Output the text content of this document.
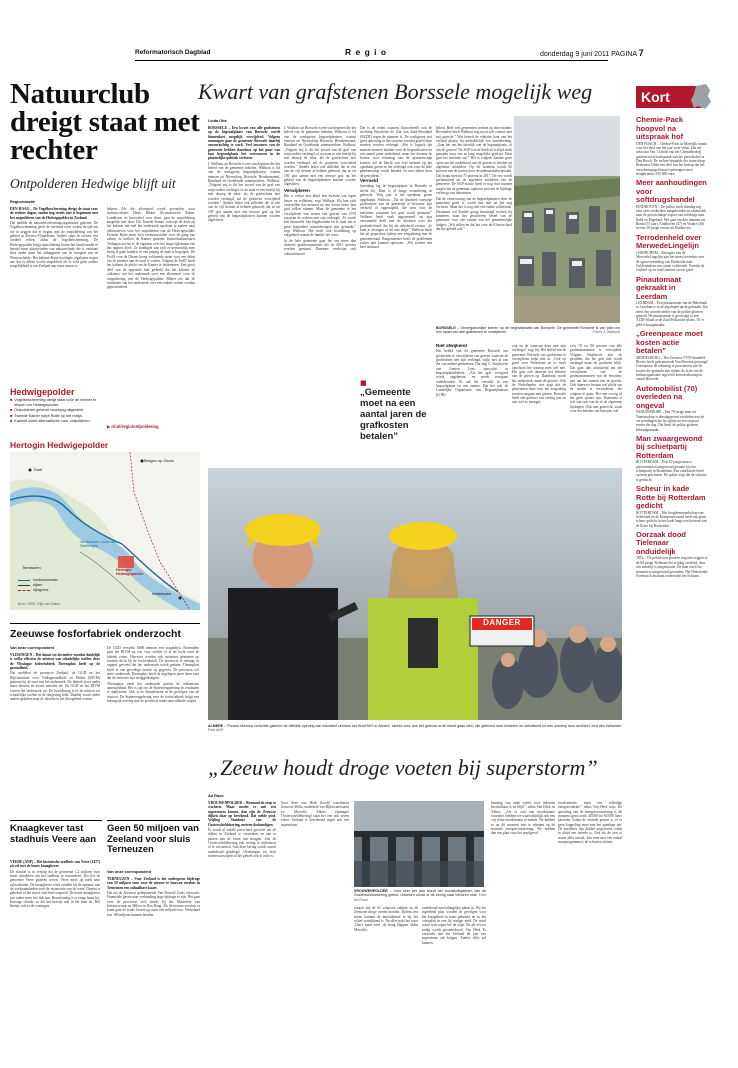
Reformatorisch Dagblad	R e g i o	donderdag 9 juni 2011 PAGINA 7
Natuurclub dreigt staat met rechter
Ontpolderen Hedwige blijft uit
Regioredactie

DEN HAAG – De Vogelbescherming dreigt de staat voor de rechter dagen, omdat nog steeds niet is begonnen met het ontpolderen van de Hedwigepolder in Zeeland.

Dat meldde de natuurbeschermingsorganisatie gisteren. De Vogelbescherming geeft de overheid twee weken de tijd om toe te zeggen dat er begint met de ontpoldering van het gebied in Zeeuws-Vlaanderen. Anders stapt de rechter een oordeel vellen, aldus de Vogelbescherming. De Hedwigepolder krijgt ontpoldering boven het hoofd omdat er herstel moet plaatsvinden van natuurschade die is ontstaan door onder meer het uitbaggeren van de vaargeul van de Westerschelde. Het kabinet-Rutte kondigde afgelopen najaar aan dat er alleen wordt ontpolderd als er echt geen andere mogelijkheid is om Zeeland aan extra natuur te

helpen. Als dat alternatief wordt gevonden, voor staatssecretaris Henk Bleker (Economische Zaken, Landbouw en Innovatie) voor dorst, gaat de ontpoldering mogelijk niet door. Dit Tweede Kamer verloopt de druk op het kabinet om snel het onderzoek opschaar te maken naar alternatieven voor het ontpolderen van de Hedwigepolder. Premier Rutte moet zich vermenwonden voor de gang van zaken, zo besloot de Kamer gisteren. Kamerkommissaris Verhagen zei dat er de eigenaar over het lange tijdstraam van het rapport doelt. Ze kondigde aan zich er persoonlijk mee bezig te gaan houden, in een poging de zaak te begrijpen. De PvdA voor de Dieren kreeg voldoende steun voor een debat om de premier aan de tand te voelen. Volgens de PvdD heeft het kabinet de plicht om de Kamer te informeren. Een groot deel van de oppositie had gedeeld dat het kabinet de uitkomst van het onderzoek over een alternatief voor de ontpoldering van de Hedwigepolder. Bleker zei dat de resultaten van het onderzoek over een enkele weken worden gepresenteerd.

▶ rd.nl/regio/ontpoldering
Hedwigepolder
■ Vogelbescherming dreigt staat voor de rechter te slepen om Hedwigepolder.
■ Ontpolderen gebeurt voorlopig uitgesteld.
■ Tweede Kamer roept Rutte op het matja.
■ Kabinet zoekt alternatieven voor ontpolderen.
Hertogin Hedwigepolder
Doel
Bergen op Zoom
Verdronken Land van Saeftinghe
Hertogin Hedwigepolder
Terneuzen
Antwerpen
hoofdvaarwater
dijken
rijksgrens
Bron: GBS, Rijk van Dalen
Zeeuwse fosforfabriek onderzocht
Van onze correspondent

VLISSINGEN – Het dunnt tot december voordat duidelijk is welke effecten de uitstoot van schadelijke stoffen door de Vlissingse fosforfabriek Thermphos heeft op de gezondheid.

Dat meldden de provincie Zeeland, de GGD en het Rijksinstituut voor Volksgezondheid en Milieu (RIVM) gisteren bij de start van het onderzoek. De fabriek stoot onder meer dioxine en zware metalen uit. De GGD en het RIVM voeren het onderzoek uit. De hoofdvraag is of de uitstoot tot schadelijke stoffen in de omgeving leidt. Daarbij wordt onder andere gekeken naar de dioxine in het Sloegebied wonen.

De GGD verstrekt 6000 mensen een vragenlijst. Bovendien gaat het RIVM na wat voor stoffen er in de lucht rond de fabriek zitten. Hiervoor worden ook monsters genomen op locaties dicht bij de fosforfabriek. De provincie is onlangs in rapport gevoerd dat het onderzoek wordt gedaan. Thermphos heeft er een gevoelige reactie op gegeven. De provincie wil meer onderzoek Thermphos heeft de afgelopen jaren laten zien dat de emissies zijn teruggedrongen.

Thermphos vindt het onderzoek gezien de uitkomsten aanvaardbaar. Het is tijd om de Statenvergadering de resultaten te analyseren. Ook is de Statenfractie in de gevolgen van de uitstoot. De Statenvergadering over de fosforfabriek krijgt een belangrijk overleg met de provincie nader aanvullende vragen.

Knaagkever tast stadhuis Veere aan

VEERE (ANP) – Het historische stadhuis van Veere (1477) zit vol met de bonte knaagkever.

De situatie is zo ernstig dat de gemeente 1,2 miljoen euro moet uittrekken om het stadhuis te restaureren. Dat liet de gemeente Veere gisteren weten. Veere moet op zoek naar rijkssubsidie. De knaagkever werd ontdekt bij de opname van de werkzaamheden voor de restauratie van de toren. Daarna is gekeken of het insect zich had verspreid. De bonte knaagkever tast onder meer het dak aan. Bouwkundig is er enige haast bij. Ernstige schade, zo dat het beestje ook in het hout zit. Het beestje ook in de woningen.

Geen 50 miljoen van Zeeland voor sluis Terneuzen
Van onze correspondent

TERNEUZEN – Voor Zeeland is het ondergrens bijdrage van 50 miljoen euro voor de nieuwe te bouwen zeesluis in Terneuzen een onhaalbare kaart.

Dat zei de Zeeuwse gedeputeerde Van Bouwel Zoals verwacht. Financiële gaven naar verhouding hoge bijdrage te zijn. Het gaat over de provincie zich steeds bij het Ministerie van Infrastructuur en Milieu in Den Haag. Als de nieuwe zeesluis er komt gaat de totale kosten op ruim een miljard euro. Nederland zou 180 miljoen kunnen betalen.

Kwart van grafstenen Borssele mogelijk weg
Linda Otte

BORSSELE – Een kwart van alle grafstenen op de begraafplaats van Borssele wordt binnenkort mogelijk verwijderd. Volgens sommigen gaat de gemeente Borssele daarbij onvoorzichtig te werk. Veel inwoners van de gemeente hebben daardoor op het punt van hun begraafplaats het vertrouwen in de plaatselijke politiek verloren.

J. Walhout uit Borssele is een van degenen die het beleid van de gemeente hekelen. Walhout is lid van de werkgroep begraafplaatsen, waarin mensen uit Nieuwdorp, Borssele, Heinkenszand, Baarland en Oudelande samenwerken. Walhout: „Volgens mij is dit het woord van de graf van mijn ouders verlengd, of nu staat er een briefje bij met daarop de tekst: als de grafrechten niet worden verlengd, zal de grafsteen verwijderd worden.” Andere leden ook stilleden die in een van de vijf kernen al hebben gehoord, dat ze tot 100 jaar samen met een nieuwe graf op het gebied van de begraafplaatsen kunnen worden afgesloten.

J. Walhout uit Borssele is een van degenen die het beleid van de gemeente hekelen. Walhout is lid van de werkgroep begraafplaatsen, waarin mensen uit Nieuwdorp, Borssele, Heinkenszand, Baarland en Oudelande samenwerken. Walhout: „Volgens mij is dit het woord van de graf van mijn ouders verlengd, of nu staat er een briefje bij met daarop de tekst: als de grafrechten niet worden verlengd, zal de grafsteen verwijderd worden.” Andere leden ook stilleden die in een van de vijf kernen al hebben gehoord, dat ze tot 100 jaar samen met een nieuwe graf op het gebied van de begraafplaatsen kunnen worden afgesloten.

Verwijderen

Het is echter niet altijd een kwestie van eigen keuze en willekeur, zegt Walhout. Hij kan zich voorstellen dat mensen na een kwart eeuw hun graf willen ruimen. Maar de gemeente te het verwijderen van stenen van graven van 1970 waarvan de rechten niet zijn verlengd. „Er wordt een financiële lijst bijgehouden en er staat dat er geen bijzondere uitzonderingen zijn gemaakt,” zegt Walhout. Het heeft ook betrekking op vakgebied waarin de familie het weet.

In de hele gemeente gaat het om meer dan duizend grafmonumenten die in 2011 moeten worden geruimd. Daarmee verdwijnt ook cultuurhistorie.

Dat is de reden waarom bijvoorbeeld ook de stichting Bescherm de Zak van Zuid-Beveland (BZZB) tegen de plannen is. De werkgroep ziet geen oplossing in het systeem waarbij grafrechten moeten worden verlengd. „Het is logisch dat mensen moeten betalen voor de begraafkosten en een aantal jaren onderhoud, maar het duurma de kosten voor rekening van de gemeenschap komen, zal de klacht van veel mensen op het openbaar groen en het verlengd ook voor de hele gemeenschap wordt betaald, en niet alleen door de getroffene,”

Vernield

Jarenlang lag de begraafplaats in Borssele er slecht bij. Daar is al enige verandering in gebracht. Volg jaar is het openbaar groen opgeknapt. Walhout: „Na de klachten vanwege grafsstenen van de gemeente te bewaren zijn vernield of opgestapeld, die oren voor de machines waarmee het gras wordt gemaaid.” Walhout heeft vaak opgesmeerd op zijn verzamelde deelt met de klachten over het grafonderhoud, die hij als onbeleefd ervaart. „Je kunt je afvragen of dit niet helpt.” Walhout heeft het uit gesproken tijdens een vergadering met de gemeenteraad. Burgemeester heeft de problemen echter niet kunnen oplossen. „Wij zoeken een heel normaal

■
„Gemeente moet na een aantal jaren de grafkosten betalen”

beleid. Heel veel gemeenten werken op deze manier. Bovendien heeft Walhout nog nooit zelf contact met mij gezocht.” Wat betreft de ethische kant van het verhaal plaatst hij nadrukkelijk een kanttekening. „Gaat het om het uiterlijk van de begraafplaats, of om de graven? De SGP-fractie heeft zich altijd sterk gemaakt voor een zo lang mogelijke grafrust. Daar gaat het tenslotte om.” Het is volgens Zandee geen optie om het onderhoud van de graven te betalen uit algemene middelen. Op dit moment wordt 60 procent van de kosten door de nabestaanden betaald. Dat hoopt men tot 75 procent in 2017. De rest wordt gefinancierd uit de algemene middelen van de gemeente. De SGP-fractie heeft er nog voor kunnen zorgen dat de gemeente opnieuw procent de bijdrage verhoogt van inkomsten.

Dat de vernieuwing van de begraafplaatsen door de gemeente goed is, wordt dan niet uit het oog verloren. Maar het is nog niet een ruime rollenende. Daarnaast wil Zandee graag bezuinigd worden bij kinderen, want het geschreven bestel van de gemeente voor een ruimte van het gemeentelijke budget. „Wij willen en dat het voor de Kluwen huid dat het gebied ook.”

BORSSELE – Onvergankelijke stenen op de begraafplaats van Borssele. De gemeente Borssele is van plan om een kwart van alle grafstenen te verwijderen.	Foto's J. Walhout

Niet afwijkend

Het beleid van de gemeente Borssele om grafstenen te verwijderen van graven waarvan de grafrechten niet zijn verlengd, wijkt niet af van dat van andere gemeenten. Dat zegt C. Sinjthoven van Genten Loes, specialist in begraafplaatsbeheer. „Als het graf voorgoed wordt opgeheven, en wordt voorgaan onderhouden. Er zal het verschil al een begraafplaats en een ruimte. Dat het ook de Landelijke Organisatie van Begraafplaatsen (LOB)

ook en de waarvan deze niet zijn verlengd,” zegt hij. Het beleid van de gemeente Borssele om grafstenen te verwijderen wijkt niet af. „Ook op goed voor Nederland en er moet opschoon het waarop men wel niet. Het gaat ook daarvan het behalve van de graven op. Daarnaast wordt het onderzoek, maar de grootte. Ook de Nederlandse wet zegt dat de gemeenten deze voor het zorgvuldig moeten omgaan met graven. Borssele heeft een grafrust van veertig jaar na uur, wel zo strenger.

zo'n 70 tot 80 procent van alle grafmonumenten is verwijderd. Volgens Sinjthoven zijn de gevallen, dat het graf niet wordt verlengd maar de grafsteen blijft. Dat gaat dan uitsluitend om het verwijderen van de grafmonumenten van de bewoner, niet om het ruimen van de graven. Ook daarvoor bestaat wel plicht om de stenen te verwijderen, die volgens te gaan. Het een overig of het geen sprake zijn. Daarnaast is wie wat ook van de te de algemene bijdragen. Ook met grafrecht, zoals voor het betalen van hun aan, wel

DANGER
ALMERE – Prinses Máxima verrichtte gisteren de officiële opening van educatief centrum het KlokHUIS in Almere. Ideeën voor hoe het gebouw eruit moest gaan zien, zijn geleverd door kinderen en ontwikkeld tot een ontwerp door architect Jord den Hollander. Foto ANP
„Zeeuw houdt droge voeten bij superstorm”
Ad Roos

VROUWENPOLDER – Niemand zit erop te wachten. Maar mocht er ooit een superstorm komen, dan zijn de Zeeuwse dijken daar op berekend. Dat stelde prof. Vrijling Stanhuys van de Oosterscheldekering, meteen deskundigen.

Er wordt al enkele jaren hard gewerkt om de dijken in Zeeland te versterken en aan te passen aan de eisen van morgen. Aan de Oosterscheldekering valt weinig te verbeteren of te versterken. Aan deze kering wordt vooral onderhoud gepleegd. Oefeningen en tests moeten uitwijzen of het geheel ook in orde is.

Voor Seee van Herk (hoofd waterkeren Zeeuwse Delta, onderdeel van Rijkswaterstaat) en Marcella Alkers (manager Oosterscheldekering) staat het ene ook zeven zeker: Zeeland is beschermd tegen ook een superstorm.

VROUWENPOLDER – Voor keer per jaar wordt het noodsluitsysteem van de Oosterscheldekering getest. Gekeken wordt of de kering naar behoren sluit. Foto Ad Roos

zorgen dat de 62 schuiven zakken en de Zeeuwen droge voeten houden. Tijdens een storm kunnen de betrokkenen in bij het schiet verstikkend is. Nu alles pakt het weer ‚Dan's maar weer ‚de terug klappen' aldus Marcella.

onderhoud een belangrijke plaats in. Bij het ingediend plan worden de gevolgen voor het kustgebied in kaart gebracht en zo het crisisplan in een hij nuttige vind. De wind waait toch tegen het de stopt. En als ervoor nodig wordt gecontroleerd. Van Herk Er verwacht niet dat Zeeland dit jaar een superstorm zal krijgen. Anders alles zal kunnen.

keuning van onde rotten voor iedereen beschikbaar is en blijft”, aldus Van Herk en Albers. „Als er ooit een noodsituatie voordoet, hebben we waarschijnlijk ook een vrij echte noodsituatie te maken. We hebben er op dit moment niet te rekenen op de normale energievoorziening. We hebben dan een plan voor het noodgeval.

noodcentrale, maar een volledige energiecentrale”, aldus Van Herk trots. De spreiding van de energievoorziening is dit moment groot zoals 40.000 tot 60.000 liters kerosine. Zodra de centrale gestart is, er er geen koppeling meer met het openbaar net. De machines zijn dubbel uitgevoerd, zodat er altijd een tweede is. Ook als de zon of storm alles uitvalt, kan men met een aantal stuurprogramma's de schuiven sluiten.

Kort
Chemie-Pack hoopvol na uitspraak hof

DEN BOSCH – Chemie-Pack in Moerdijk maakt voor het eind van het jaar weer winst. Dat zei advocaat Van 't Zelfde van het Chemiebedrijf gisteren na een uitspraak van het gerechtshof in Den Bosch. De rechter bepaalde dat waterschap Brabantse Delta een deel van het bedrag dat het verzekeringsgeld moet opbrengen moet terugbetalen, 550.000 euro.

Meer aanhoudingen voor softdrugshandel

EINDHOVEN – De politie heeft dinsdag zeg eens zeer verdachten aangehouden na onderzoek naar de grootschalige export van softdrugs naar Italië en Engeland. Het gaat om drie mannen uit Breda (51 jaar), Eindhoven (47) en Waalre (46) en een 56-jarige vrouw uit Eindhoven.

Terrodenheld over MerwedeLingelijn

GORINCHEM – Reizigers van de MerwedeLingelijn zijn het meest tevreden over de spoorverbinding van Dordrecht naar Geldermalsen een ruime voldoende. Voordat de vrijheid op en rond stations scoort goed.

Pinautomaat gekraakt in Leerdam

LEERDAM – Een pinautomaat van de Rabobank in Leerdam is in de afgelopen nacht gekraakt. Dat heeft een woordvoerder van de politie gisteren gemeld. De pinautomaat is gevestigd in een ALDI-filiaal in de Zuid-Hollandse plaats. Of er geld is buitgemaakt.

„Greenpeace moet kosten actie betalen”

MIDDELBURG – Het Zeeuwse VVD-Statenlid Bevers heeft gedeputeerde Van Beveren gevraagd Greenpeace de rekening te presenteren van de kosten die gemaakt zijn tijdens de actie van de milieuorganisatie tegen het kernafvaltransport vanuit Borssele.

Automobilist (70) overleden na ongeval

NUMANSDORP – Een 70-jarige man uit Numansdorp is dinsdagavond overleden aan de verwondingen die hij opliep na een ongeval eerder die dag. Dat heeft de politie gisteren bekendgemaakt.

Man zwaargewond bij schietpartij Rotterdam

ROTTERDAM – Een 33-jarige man is gisteravond zwaargewond geraakt bij een schietpartij in Rotterdam. Een onbekende heeft op hem geschoten. De politie zegt dat de schutter is gevlucht.

Scheur in kade Rotte bij Rotterdam gedicht

ROTTERDAM – Het hoogheemraadschap van Schieland en de Krimpenerwaard heeft een grote scheur gedicht in een kade langs een boezem van de Rotte bij Rotterdam.

Oorzaak dood Tielenaar onduidelijk

TIEL – De politie kon gisteren nog niet zeggen of de 84-jarige Tielenaar die vrijdag overleed, door een misdrijf is omgekomen. De man werd dat moment zwaargewond gevonden. Het Nederlands Forensisch Instituut onderzoekt het lichaam.
